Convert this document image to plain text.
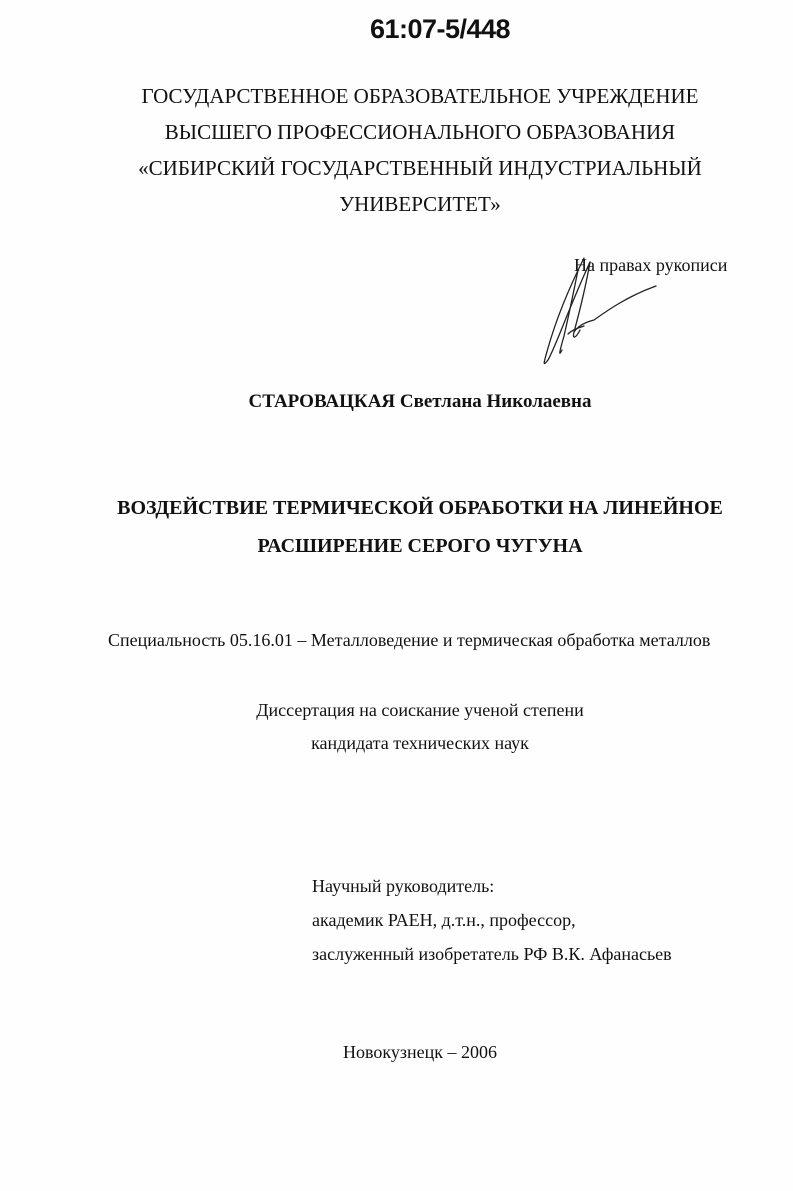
61:07-5/448
ГОСУДАРСТВЕННОЕ ОБРАЗОВАТЕЛЬНОЕ УЧРЕЖДЕНИЕ
ВЫСШЕГО ПРОФЕССИОНАЛЬНОГО ОБРАЗОВАНИЯ
«СИБИРСКИЙ ГОСУДАРСТВЕННЫЙ ИНДУСТРИАЛЬНЫЙ
УНИВЕРСИТЕТ»
На правах рукописи
СТАРОВАЦКАЯ Светлана Николаевна
ВОЗДЕЙСТВИЕ ТЕРМИЧЕСКОЙ ОБРАБОТКИ НА ЛИНЕЙНОЕ
РАСШИРЕНИЕ СЕРОГО ЧУГУНА
Специальность 05.16.01 – Металловедение и термическая обработка металлов
Диссертация на соискание ученой степени
кандидата технических наук
Научный руководитель:
академик РАЕН, д.т.н., профессор,
заслуженный изобретатель РФ В.К. Афанасьев
Новокузнецк – 2006
